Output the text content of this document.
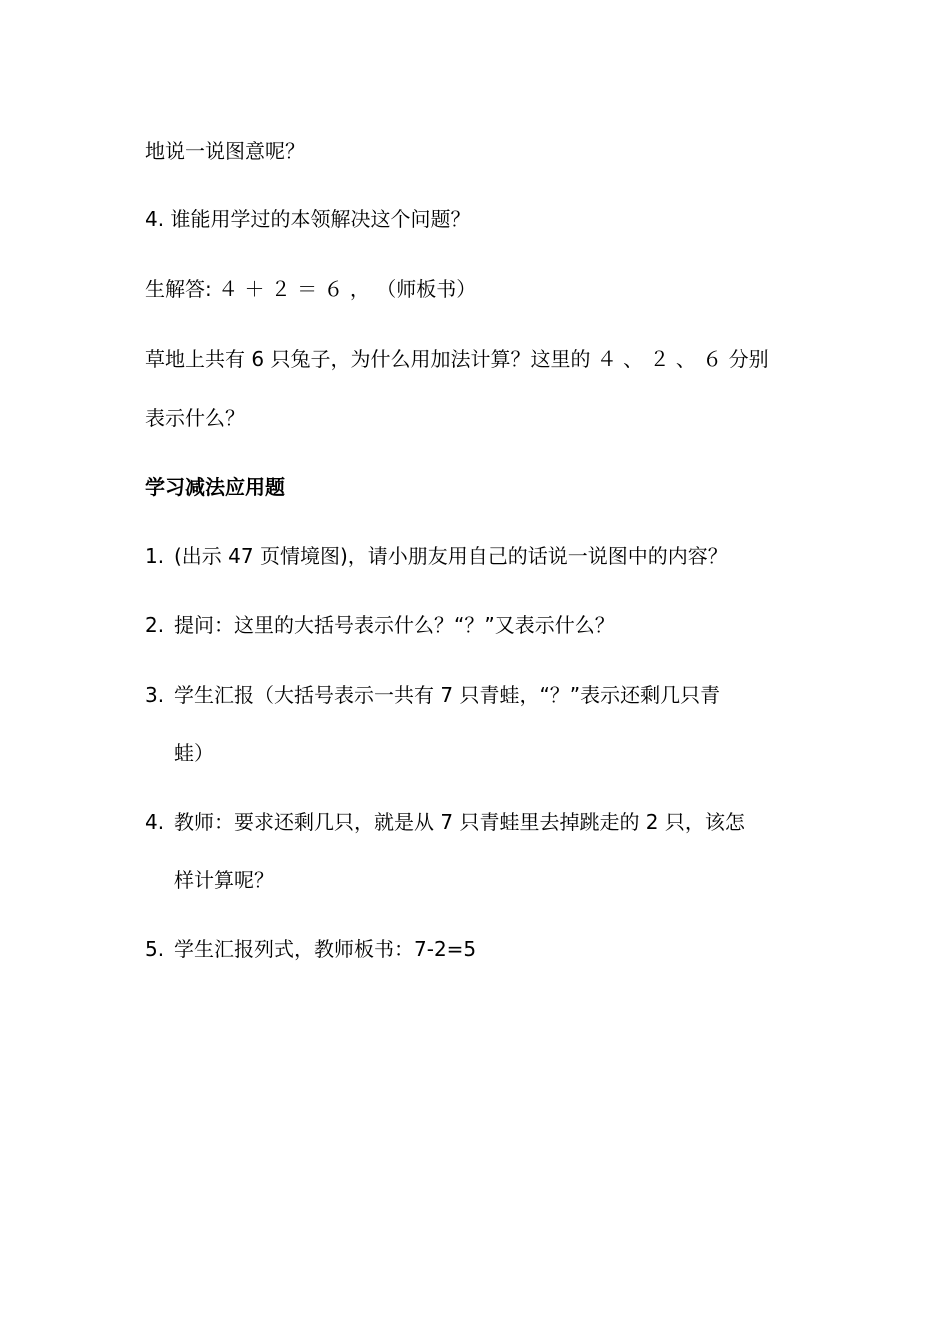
地说一说图意呢？
4. 谁能用学过的本领解决这个问题？
生解答: ４ ＋ ２ ＝ ６ ， （师板书）
草地上共有 6 只兔子，为什么用加法计算？这里的 ４ 、 ２ 、 ６ 分别
表示什么？
学习减法应用题
1. (出示 47 页情境图)，请小朋友用自己的话说一说图中的内容？
2. 提问：这里的大括号表示什么？“？”又表示什么？
3. 学生汇报（大括号表示一共有 7 只青蛙，“？”表示还剩几只青
蛙）
4. 教师：要求还剩几只，就是从 7 只青蛙里去掉跳走的 2 只，该怎
样计算呢？
5. 学生汇报列式，教师板书：7-2=5
